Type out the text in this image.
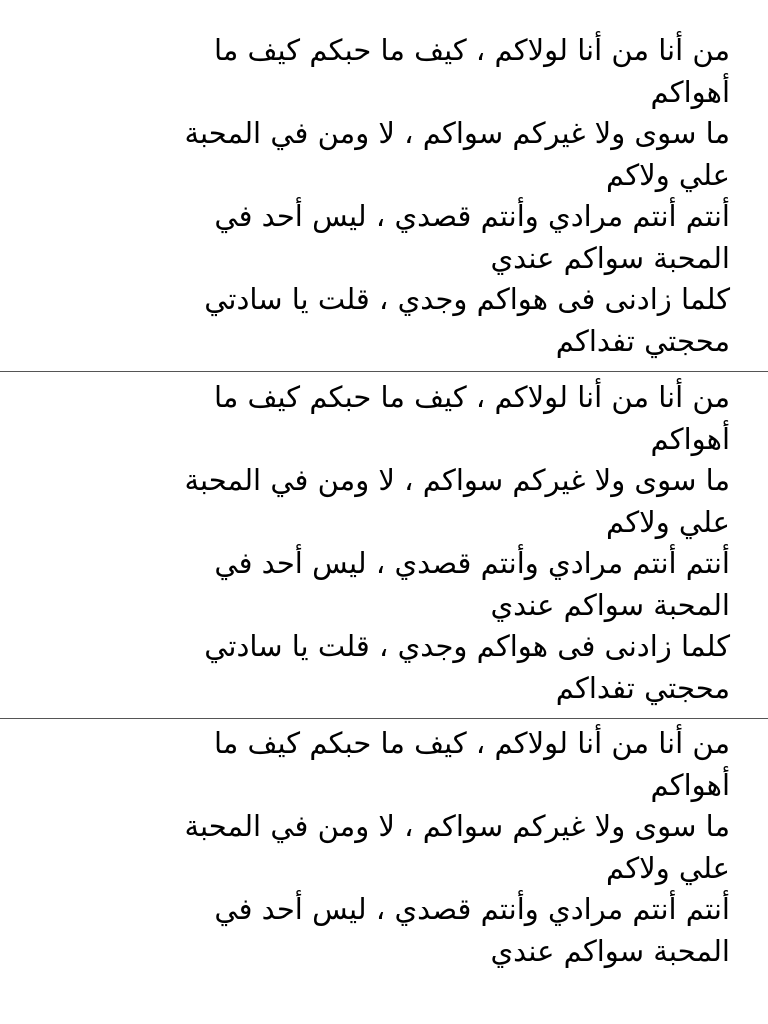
من أنا من أنا لولاكم ، كيف ما حبكم كيف ما
أهواكم
ما سوى ولا غيركم سواكم ، لا ومن في المحبة
علي ولاكم
أنتم أنتم مرادي وأنتم قصدي ، ليس أحد في
المحبة سواكم عندي
كلما زادنى فى هواكم وجدي ، قلت يا سادتي
محجتي تفداكم
من أنا من أنا لولاكم ، كيف ما حبكم كيف ما
أهواكم
ما سوى ولا غيركم سواكم ، لا ومن في المحبة
علي ولاكم
أنتم أنتم مرادي وأنتم قصدي ، ليس أحد في
المحبة سواكم عندي
كلما زادنى فى هواكم وجدي ، قلت يا سادتي
محجتي تفداكم
من أنا من أنا لولاكم ، كيف ما حبكم كيف ما
أهواكم
ما سوى ولا غيركم سواكم ، لا ومن في المحبة
علي ولاكم
أنتم أنتم مرادي وأنتم قصدي ، ليس أحد في
المحبة سواكم عندي
